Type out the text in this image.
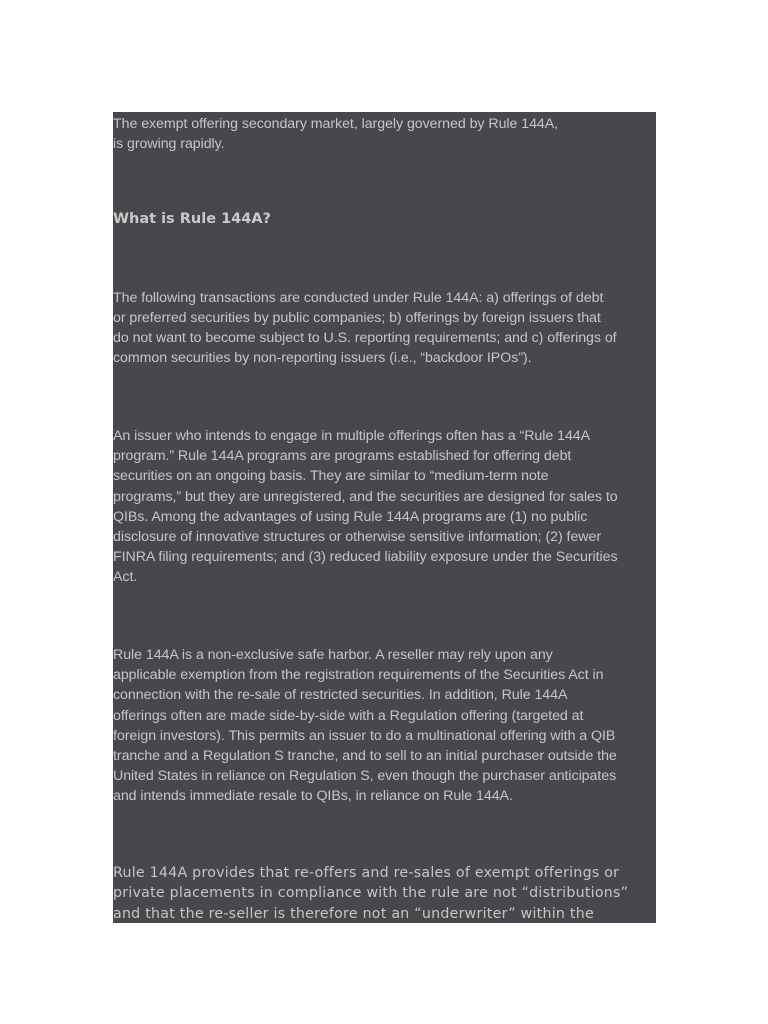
The exempt offering secondary market, largely governed by Rule 144A,
is growing rapidly.
What is Rule 144A?
The following transactions are conducted under Rule 144A: a) offerings of debt
or preferred securities by public companies; b) offerings by foreign issuers that
do not want to become subject to U.S. reporting requirements; and c) offerings of
common securities by non-reporting issuers (i.e., “backdoor IPOs”).
An issuer who intends to engage in multiple offerings often has a “Rule 144A
program.” Rule 144A programs are programs established for offering debt
securities on an ongoing basis. They are similar to “medium-term note
programs,” but they are unregistered, and the securities are designed for sales to
QIBs. Among the advantages of using Rule 144A programs are (1) no public
disclosure of innovative structures or otherwise sensitive information; (2) fewer
FINRA filing requirements; and (3) reduced liability exposure under the Securities
Act.
Rule 144A is a non-exclusive safe harbor. A reseller may rely upon any
applicable exemption from the registration requirements of the Securities Act in
connection with the re-sale of restricted securities. In addition, Rule 144A
offerings often are made side-by-side with a Regulation offering (targeted at
foreign investors). This permits an issuer to do a multinational offering with a QIB
tranche and a Regulation S tranche, and to sell to an initial purchaser outside the
United States in reliance on Regulation S, even though the purchaser anticipates
and intends immediate resale to QIBs, in reliance on Rule 144A.
Rule 144A provides that re-offers and re-sales of exempt offerings or
private placements in compliance with the rule are not “distributions”
and that the re-seller is therefore not an “underwriter” within the
